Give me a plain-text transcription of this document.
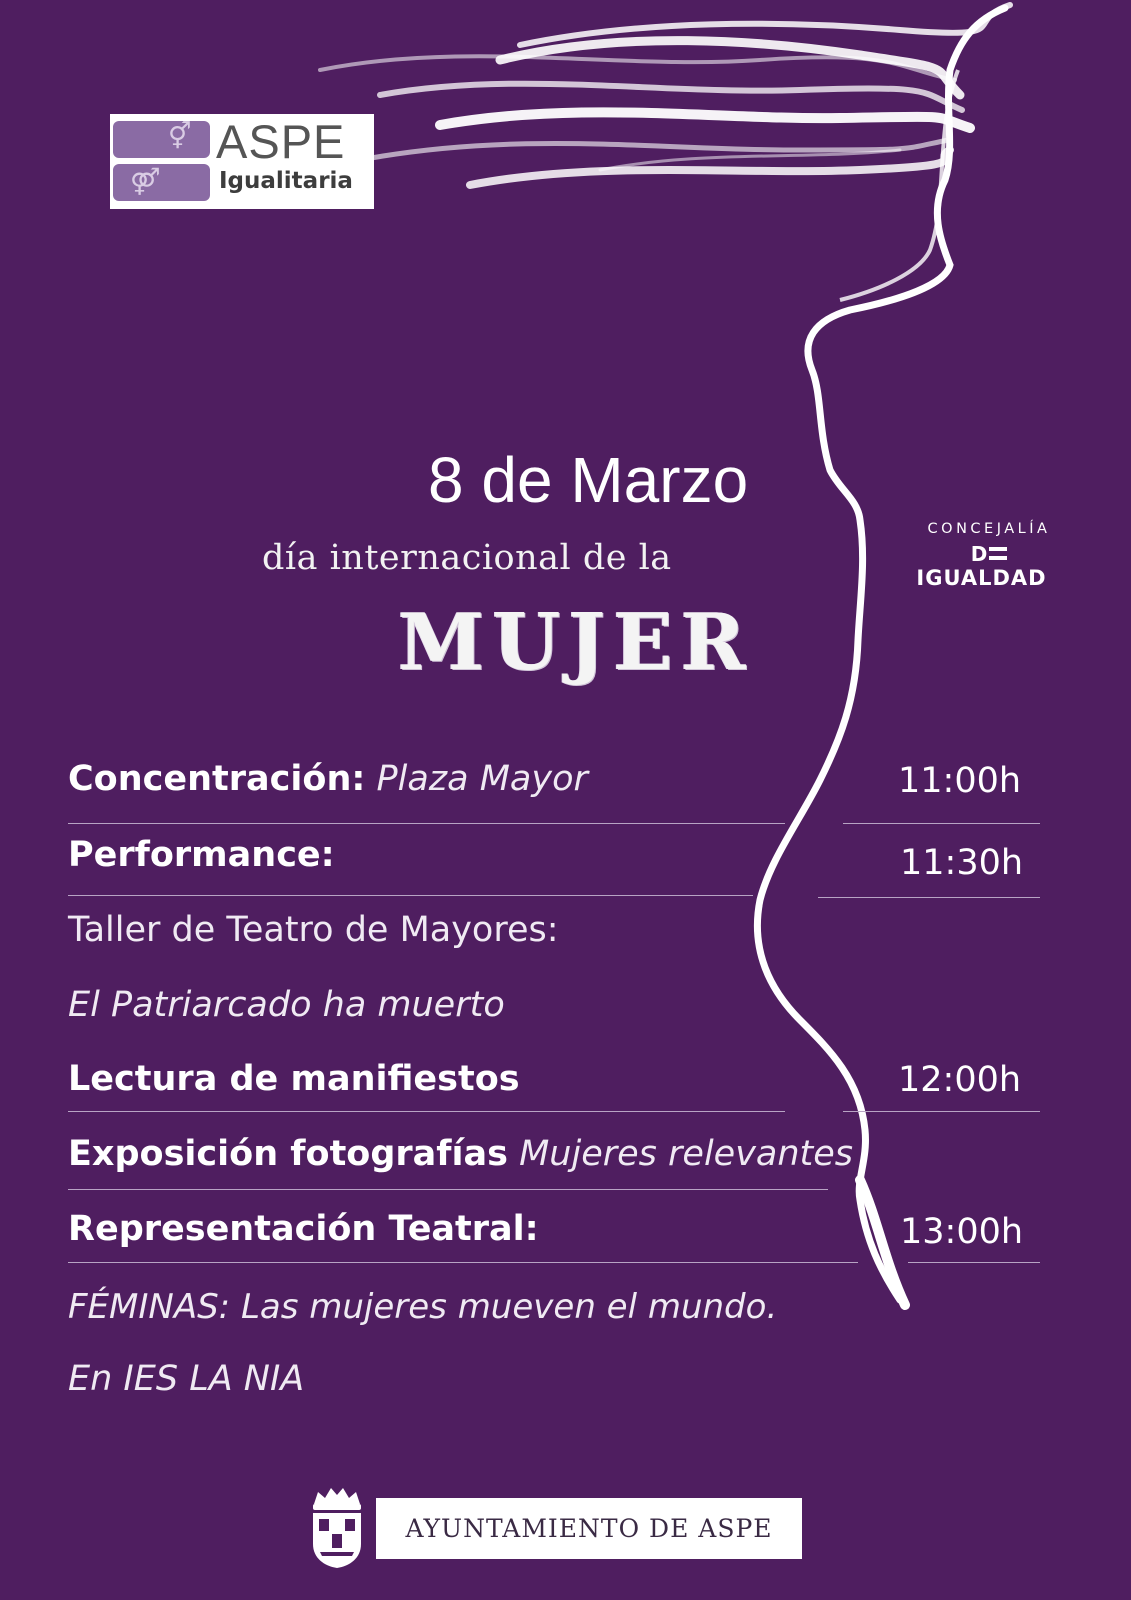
⚥
⚤
ASPE
Igualitaria
CONCEJALÍA
D
IGUALDAD
8 de Marzo
día internacional de la
MUJER
Concentración: Plaza Mayor	11:00h
Performance:	11:30h
Taller de Teatro de Mayores:
El Patriarcado ha muerto
Lectura de manifiestos	12:00h
Exposición fotografías Mujeres relevantes
Representación Teatral:	13:00h
FÉMINAS: Las mujeres mueven el mundo.
En IES LA NIA
AYUNTAMIENTO DE ASPE
